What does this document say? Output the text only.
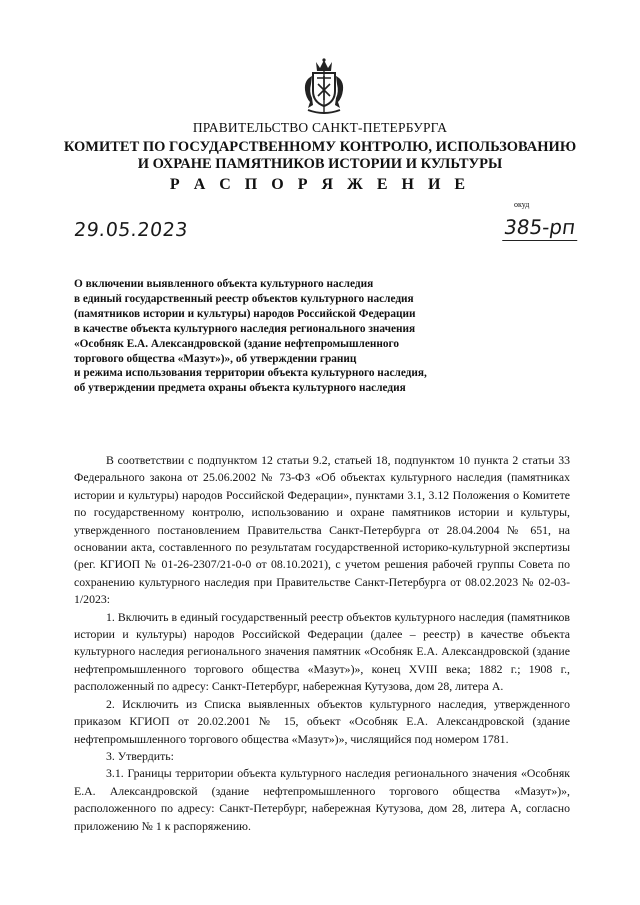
ПРАВИТЕЛЬСТВО САНКТ-ПЕТЕРБУРГА
КОМИТЕТ ПО ГОСУДАРСТВЕННОМУ КОНТРОЛЮ, ИСПОЛЬЗОВАНИЮ
И ОХРАНЕ ПАМЯТНИКОВ ИСТОРИИ И КУЛЬТУРЫ
Р А С П О Р Я Ж Е Н И Е
окуд
29.05.2023	385-рп
О включении выявленного объекта культурного наследия
в единый государственный реестр объектов культурного наследия
(памятников истории и культуры) народов Российской Федерации
в качестве объекта культурного наследия регионального значения
«Особняк Е.А. Александровской (здание нефтепромышленного
торгового общества «Мазут»)», об утверждении границ
и режима использования территории объекта культурного наследия,
об утверждении предмета охраны объекта культурного наследия

В соответствии с подпунктом 12 статьи 9.2, статьей 18, подпунктом 10 пункта 2 статьи 33 Федерального закона от 25.06.2002 № 73-ФЗ «Об объектах культурного наследия (памятниках истории и культуры) народов Российской Федерации», пунктами 3.1, 3.12 Положения о Комитете по государственному контролю, использованию и охране памятников истории и культуры, утвержденного постановлением Правительства Санкт-Петербурга от 28.04.2004 № 651, на основании акта, составленного по результатам государственной историко-культурной экспертизы (рег. КГИОП № 01-26-2307/21-0-0 от 08.10.2021), с учетом решения рабочей группы Совета по сохранению культурного наследия при Правительстве Санкт-Петербурга от 08.02.2023 № 02-03-1/2023:

1. Включить в единый государственный реестр объектов культурного наследия (памятников истории и культуры) народов Российской Федерации (далее – реестр) в качестве объекта культурного наследия регионального значения памятник «Особняк Е.А. Александровской (здание нефтепромышленного торгового общества «Мазут»)», конец XVIII века; 1882 г.; 1908 г., расположенный по адресу: Санкт-Петербург, набережная Кутузова, дом 28, литера А.

2. Исключить из Списка выявленных объектов культурного наследия, утвержденного приказом КГИОП от 20.02.2001 № 15, объект «Особняк Е.А. Александровской (здание нефтепромышленного торгового общества «Мазут»)», числящийся под номером 1781.

3. Утвердить:

3.1. Границы территории объекта культурного наследия регионального значения «Особняк Е.А. Александровской (здание нефтепромышленного торгового общества «Мазут»)», расположенного по адресу: Санкт-Петербург, набережная Кутузова, дом 28, литера А, согласно приложению № 1 к распоряжению.
